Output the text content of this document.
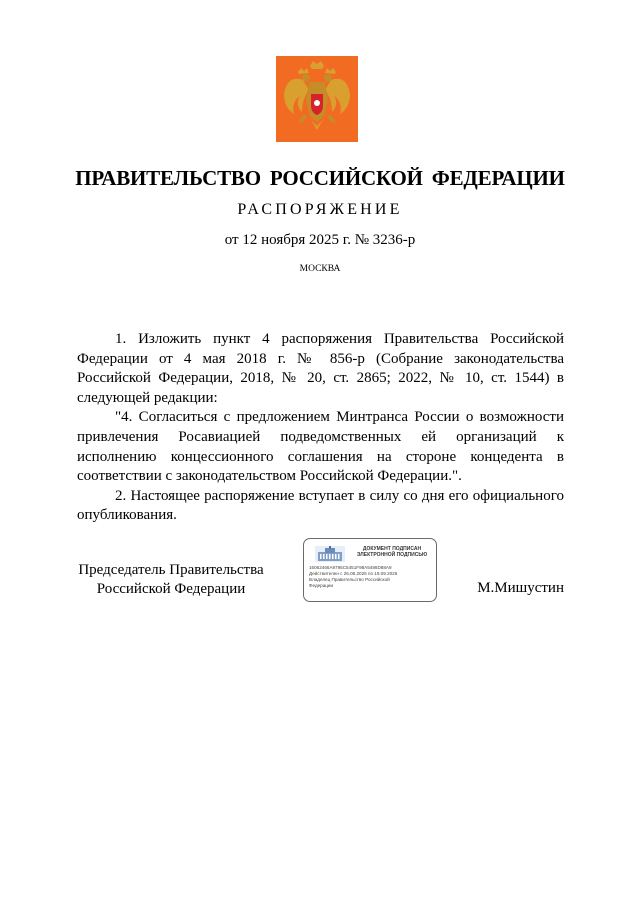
ПРАВИТЕЛЬСТВО РОССИЙСКОЙ ФЕДЕРАЦИИ
РАСПОРЯЖЕНИЕ
от 12 ноября 2025 г. № 3236-р
МОСКВА

1. Изложить пункт 4 распоряжения Правительства Российской Федерации от 4 мая 2018 г. № 856-р (Собрание законодательства Российской Федерации, 2018, № 20, ст. 2865; 2022, № 10, ст. 1544) в следующей редакции:

"4. Согласиться с предложением Минтранса России о возможности привлечения Росавиацией подведомственных ей организаций к исполнению концессионного соглашения на стороне концедента в соответствии с законодательством Российской Федерации.".

2. Настоящее распоряжение вступает в силу со дня его официального опубликования.

Председатель Правительства
Российской Федерации
ДОКУМЕНТ ПОДПИСАН
ЭЛЕКТРОННОЙ ПОДПИСЬЮ
16062466A9795C5451F98A5486D88A9
Действителен с 26.06.2025 по 19.09.2026
Владелец Правительство Российской
Федерации	М.Мишустин
